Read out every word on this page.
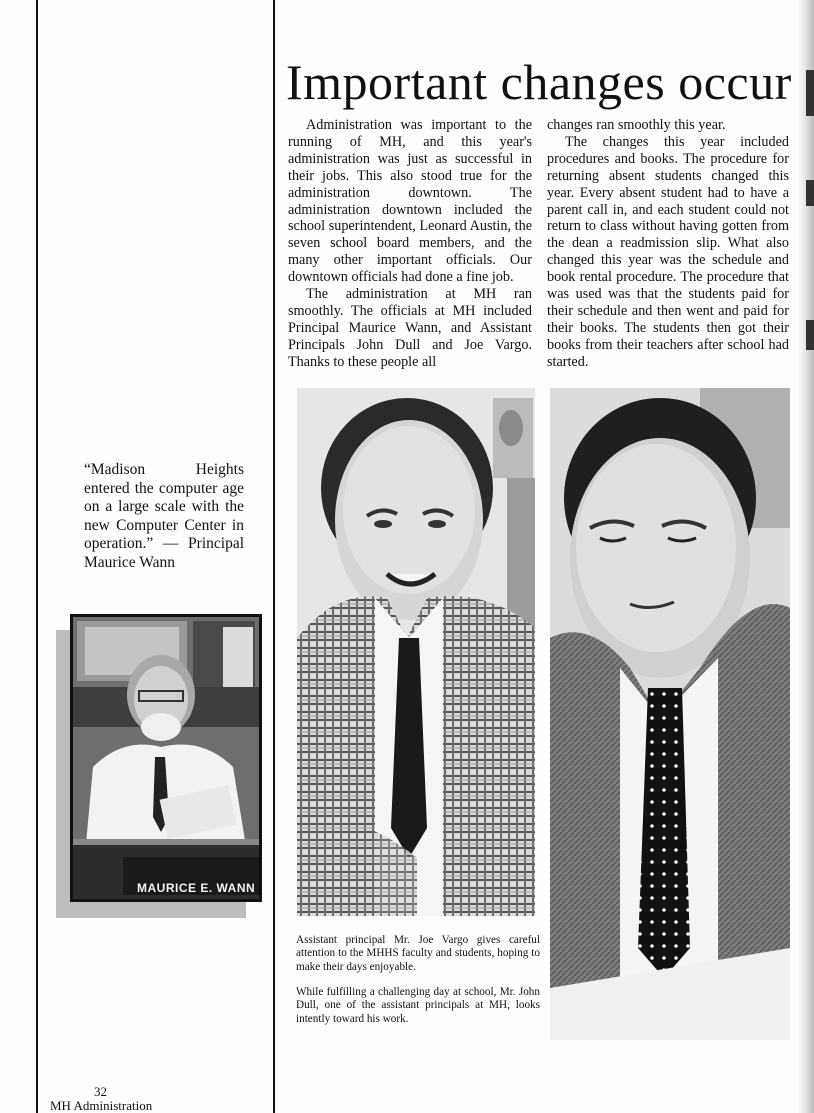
Important changes occur

Administration was important to the running of MH, and this year's administration was just as successful in their jobs. This also stood true for the administration downtown. The administration downtown included the school superintendent, Leonard Austin, the seven school board members, and the many other important officials. Our downtown officials had done a fine job.

The administration at MH ran smoothly. The officials at MH included Principal Maurice Wann, and Assistant Principals John Dull and Joe Vargo. Thanks to these people all

changes ran smoothly this year.

The changes this year included procedures and books. The procedure for returning absent students changed this year. Every absent student had to have a parent call in, and each student could not return to class without having gotten from the dean a readmission slip. What also changed this year was the schedule and book rental procedure. The procedure that was used was that the students paid for their schedule and then went and paid for their books. The students then got their books from their teachers after school had started.

“Madison Heights entered the computer age on a large scale with the new Computer Center in operation.” — Principal Maurice Wann
MAURICE E. WANN
Assistant principal Mr. Joe Vargo gives careful attention to the MHHS faculty and students, hoping to make their days enjoyable.
While fulfilling a challenging day at school, Mr. John Dull, one of the assistant principals at MH, looks intently toward his work.
32
MH Administration
